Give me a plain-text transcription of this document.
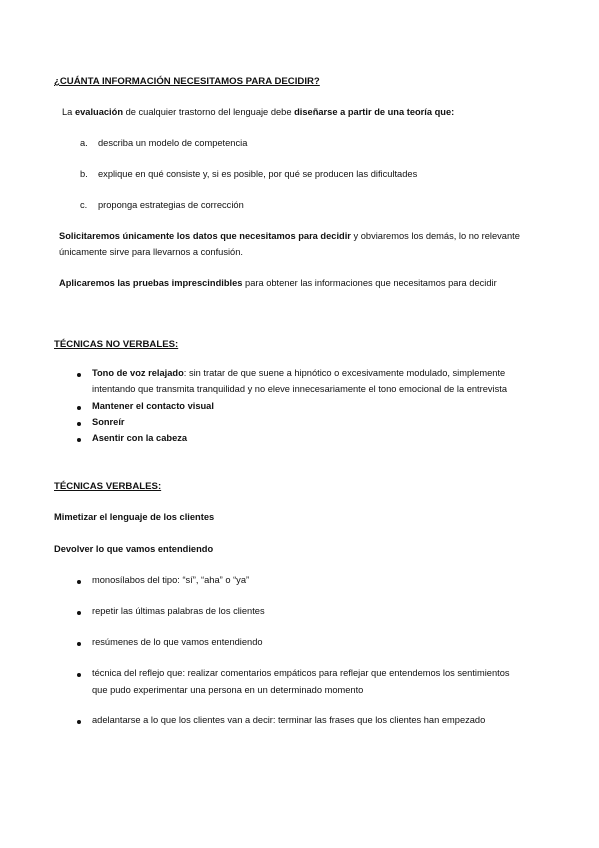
¿CUÁNTA INFORMACIÓN NECESITAMOS PARA DECIDIR?
La evaluación de cualquier trastorno del lenguaje debe diseñarse a partir de una teoría que:
a. describa un modelo de competencia
b. explique en qué consiste y, si es posible, por qué se producen las dificultades
c. proponga estrategias de corrección
Solicitaremos únicamente los datos que necesitamos para decidir y obviaremos los demás, lo no relevante
únicamente sirve para llevarnos a confusión.
Aplicaremos las pruebas imprescindibles para obtener las informaciones que necesitamos para decidir
TÉCNICAS NO VERBALES:
Tono de voz relajado: sin tratar de que suene a hipnótico o excesivamente modulado, simplemente
intentando que transmita tranquilidad y no eleve innecesariamente el tono emocional de la entrevista
Mantener el contacto visual
Sonreír
Asentir con la cabeza
TÉCNICAS VERBALES:
Mimetizar el lenguaje de los clientes
Devolver lo que vamos entendiendo
monosílabos del tipo: “sí”, “aha” o “ya”
repetir las últimas palabras de los clientes
resúmenes de lo que vamos entendiendo
técnica del reflejo que: realizar comentarios empáticos para reflejar que entendemos los sentimientos
que pudo experimentar una persona en un determinado momento
adelantarse a lo que los clientes van a decir: terminar las frases que los clientes han empezado
